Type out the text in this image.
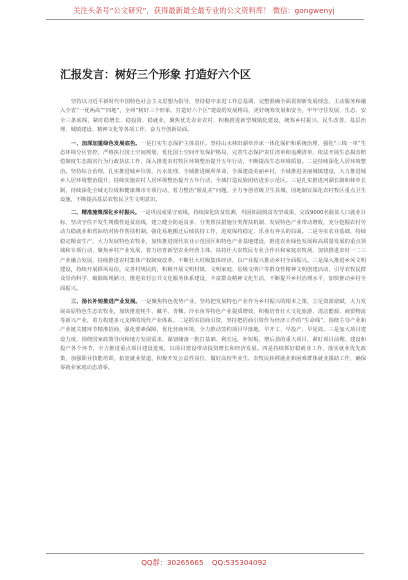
关注头条号“公文研究”，获得最新最全最专业的公文资料库！ 微信：gongwenyj
汇报发言：树好三个形象 打造好六个区

坚持以习近平新时代中国特色社会主义思想为指导，坚持稳中求进工作总基调，完整准确全面贯彻新发展理念，主动服务和融入全省“一优两高”“四地”，全州“树好三个形象、打造好六个区”建设的发展格局，更好统筹发展和安全，牢牢守住发展、生态、安全三条底线，紧盯稳增长、稳投资、稳就业，聚焦优先农业农村、积极推进新型城镇化建设，统筹乡村振兴、民生改善、基层治理、城镇建设、精神文化等各项工作，奋力开创新局面。

一、加深加重绿色发展底色。一是打实生态保护主体责任。坚持山水林田湖草沙冰一体化保护和系统治理，强化“三线一单”生态环境分区管控，严格执行国土空间规划，优化国土空间开发保护格局，完善生态保护责任清单和追溯清单、依法开展生态损害赔偿制度生态损害行为行政执法工作，深入推进农村牧区环境整治提升五年行动，不断提高生态环境质量。二是持续深化人居环境整治。坚持综合治理，扎实推进城乡垃圾、污水处理，全域推进厕所革命，全面建设美丽乡村，全域推进美丽城镇建设，大力推进城乡人居环境整治提升，持续实施农村人居环境整治提升五年行动，全域打造民族团结进步示范区。三是扎实推进河湖长制和林草长制，持续深化全域无垃圾和健康城市专项行动，着力整治“脏乱差”问题，全力争创省级卫生县城，因地制宜深化农村牧区重点卫生设施，不断提高基层农牧民卫生文明意识。

二、精准施策深化乡村振兴。一是巩固成果守底线。持续深化防贫监测，巩固拓展脱贫攻坚成果，完成9000名脱贫人口就业目标，坚决守住不发生规模性返贫底线，建立健全防返贫多、分类帮扶措施分类帮扶机制、发展特色产业带动增收，充分挖掘农村劳动力稳就业和省际结对协作帮扶机制。强化易地搬迁后续扶持工作，进度保持稳定、乐业有奔头的局面。二是夯实农业基础，持续稳定粮食生产，大力发展特色农牧业，加快推进现代农业示范园区和特色产业基地建设，推进农业绿色发展和高质量发展的重点领域和专项行动，聚焦乡村产业发展，着力培育新型农业经营主体，扶持壮大农牧民专业合作社和家庭农牧场，加快推进农村一二三产业融合发展，持续推进农村集体产权制度改革，不断壮大村级集体经济，以产业振兴推动乡村全面振兴。三是深入推进乡风文明建设，持续开展移风易俗，完善村规民约，积极开展文明村镇、文明家庭、星级文明户等群众性精神文明创建活动，引导农牧民群众崇尚科学、破除陈规陋习，推进农村公共文化服务体系建设，丰富群众精神文化生活，不断提升乡村治理水平，加快推动乡村全面振兴。

三、扬长补短推进产业发展。一是聚焦特色优势产业，坚持把发展特色产业作为乡村振兴的根本之策，立足资源禀赋，大力发展高原特色生态农牧业，加快推进牦牛、藏羊、青稞、冷水鱼等特色产业提质增效，积极培育壮大文化旅游、清洁能源、商贸物流等新兴产业，着力构建多元支撑的现代产业体系。二是抓实招商引资，坚持把招商引资作为经济工作的“生命线”，围绕主导产业和产业链关键环节精准招商，强化要素保障，优化营商环境，全力推动签约项目早落地、早开工、早投产、早见效。三是加大项目建设力度，围绕国家政策导向和地方发展需求，谋划储备一批打基础、利长远、补短板、增后劲的重大项目，紧盯项目前期、建设和投产各个环节，全力推进重点项目建设进度，以项目建设带动投资增长和经济发展。四是持续抓好稳就业工作，落实就业优先政策，加强职业技能培训，拓宽就业渠道，积极开发公益性岗位，做好高校毕业生、农牧民转移就业和困难群体就业援助工作，确保零就业家庭动态清零。

QQ群：30265665 QQ:535304092
